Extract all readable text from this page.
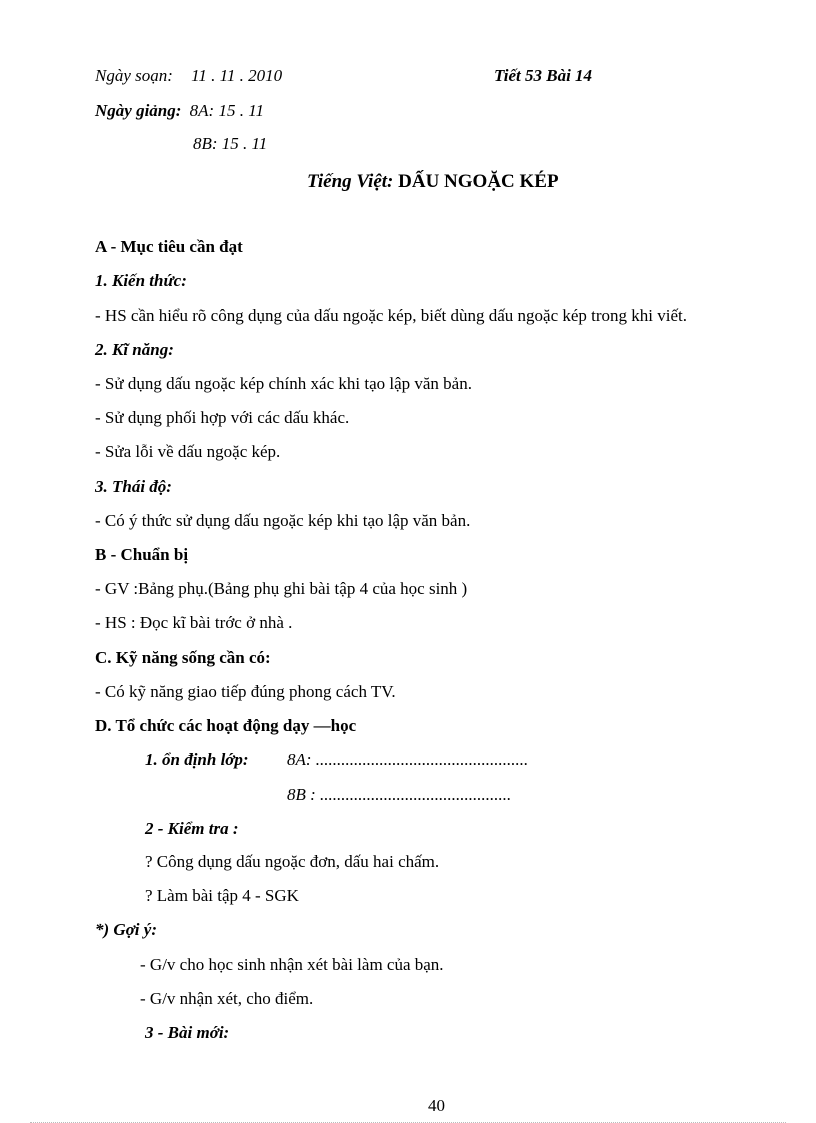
Ngày soạn: 11 . 11 . 2010	Tiết 53 Bài 14
Ngày giảng: 8A: 15 . 11
8B: 15 . 11
Tiếng Việt: DẤU NGOẶC KÉP
A - Mục tiêu cần đạt
1. Kiến thức:
- HS cần hiểu rõ công dụng của dấu ngoặc kép, biết dùng dấu ngoặc kép trong khi viết.
2. Kĩ năng:
- Sử dụng dấu ngoặc kép chính xác khi tạo lập văn bản.
- Sử dụng phối hợp với các dấu khác.
- Sửa lỗi về dấu ngoặc kép.
3. Thái độ:
- Có ý thức sử dụng dấu ngoặc kép khi tạo lập văn bản.
B - Chuẩn bị
- GV :Bảng phụ.(Bảng phụ ghi bài tập 4 của học sinh )
- HS : Đọc kĩ bài trớc ở nhà .
C. Kỹ năng sống cần có:
- Có kỹ năng giao tiếp đúng phong cách TV.
D. Tổ chức các hoạt động dạy —học
1. ổn định lớp: 8A: ..................................................
8B : .............................................
2 - Kiểm tra :
? Công dụng dấu ngoặc đơn, dấu hai chấm.
? Làm bài tập 4 - SGK
*) Gợi ý:
- G/v cho học sinh nhận xét bài làm của bạn.
- G/v nhận xét, cho điểm.
3 - Bài mới:
40
